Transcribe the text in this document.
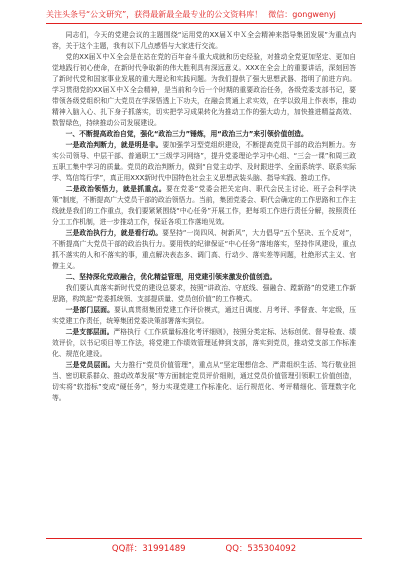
关注头条号“公文研究”，获得最新最全最专业的公文资料库！ 微信：gongwenyj

同志们，今天的党建会议的主题围绕“运用党的XX届Ｘ中Ｘ全会精神来指导集团发展”为重点内容，关于这个主题，我有以下几点感悟与大家进行交流。

党的XX届Ｘ中Ｘ全会是在站在党的百年奋斗重大成就和历史经验，对推动全党更加坚定、更加自觉地践行初心使命，在新时代争取新的伟大胜利具有深远意义。XXX在全会上的重要讲话，深刻回答了新时代党和国家事业发展的重大理论和实践问题。为我们提供了强大思想武器、指明了前进方向。学习贯彻党的XX届Ｘ中Ｘ全会精神，是当前和今后一个时期的重要政治任务，各级党委支部书记，要带领各级党组织和广大党员在学深悟透上下功夫，在融会贯通上求实效，在学以致用上作表率，推动精神入脑入心、扎下身子抓落实，切实把学习成果转化为推动工作的强大动力，加快推进精益高效、数智绿色，持续推动公司发展建设。

一、不断提高政治自觉，强化“政治三力”锤炼，用“政治三力”来引领价值创造。

一是政治判断力，就是明是非。要加强学习型党组织建设，不断提高党员干部的政治判断力。夯实公司领导、中层干部、普通职工“三级学习网络”，提升党委理论学习中心组、“三会一课”和周三政五职工集中学习的质量。党员的政治判断力，做到“自觉主动学、及时跟进学、全面系统学、联系实际学、笃信笃行学”，真正用XXX新时代中国特色社会主义思想武装头脑、指导实践、推动工作。

二是政治领悟力，就是抓重点。要在党委“党委会把关定向、职代会民主讨论、班子会科学决策”制度，不断提高广大党员干部的政治领悟力。当前，集团党委会、职代会确定的工作思路和工作主线就是我们的工作重点，我们要紧紧围绕“中心任务”开展工作，把每项工作进行责任分解，按照责任分工工作机制，进一步推动工作，保证各项工作落地见效。

三是政治执行力，就是看行动。要坚持“一岗四风、树新风”，大力倡导“五个坚决、五个反对”，不断提高广大党员干部的政治执行力。要用铁的纪律保证“中心任务”落地落实，坚持作风建设，重点抓不落实的人和不落实的事，重点解决表态多、调门高、行动少、落实差等问题，杜绝形式主义、官僚主义。

二、坚持深化党政融合，优化精益管理，用党建引领来激发价值创造。

我们要认真落实新时代党的建设总要求，按照“讲政治、守底线、强融合、蹚新路”的党建工作新思路，构筑起“党委抓统领、支部提质量、党员创价值”的工作模式。

一是部门层面。要认真贯彻集团党建工作评价模式，通过日调度、月考评、季督查、年定级，压实党建工作责任，统筹集团党委决策部署落实到位。

二是支部层面。严格执行《工作质量标准化考评细则》，按照分类定标、达标创优、督导检查、绩效评价，以书记项目等工作法，将党建工作绩效管理延伸到支部，落实到党员，推动党支部工作标准化、规范化建设。

三是党员层面。大力推行“党员价值管理”，重点从“坚定理想信念、严肃组织生活、笃行敬业担当、密切联系群众、推动改革发展”等方面制定党员评价细则，通过党员价值管理引领职工价值创造，切实将“软指标”变成“硬任务”，努力实现党建工作标准化、运行规范化、考评精细化、管理数字化等。

QQ群：31991489	QQ：535304092
